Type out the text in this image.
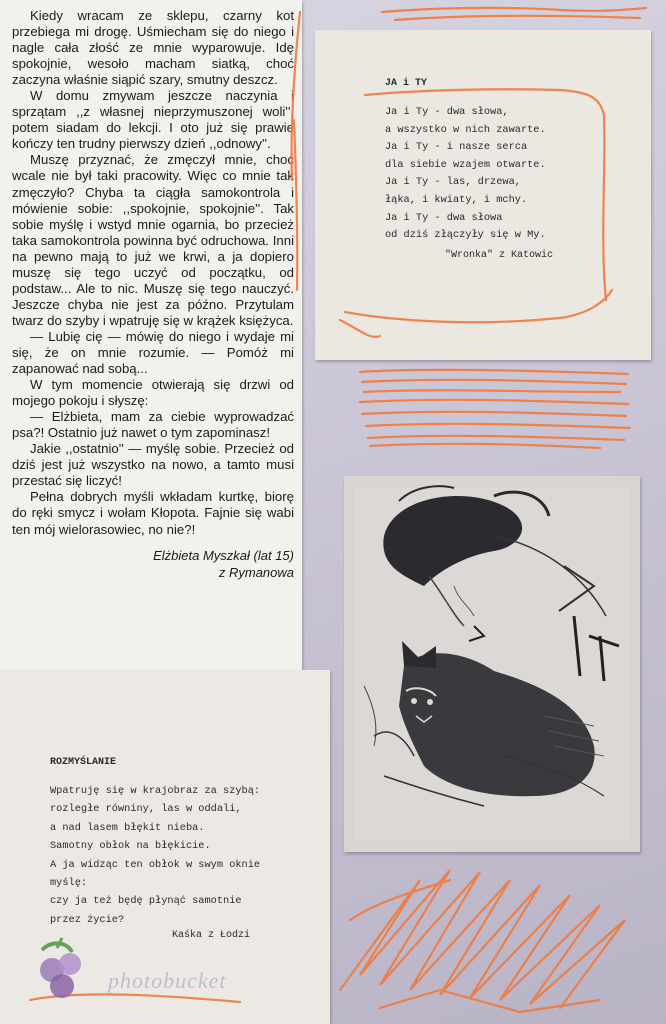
Kiedy wracam ze sklepu, czarny kot przebiega mi drogę. Uśmiecham się do niego i nagle cała złość ze mnie wyparowuje. Idę spokojnie, wesoło macham siatką, choć zaczyna właśnie siąpić szary, smutny deszcz.

W domu zmywam jeszcze naczynia i sprzątam ,,z własnej nieprzymuszonej woli'', potem siadam do lekcji. I oto już się prawie kończy ten trudny pierwszy dzień ,,odnowy''.

Muszę przyznać, że zmęczył mnie, choć wcale nie był taki pracowity. Więc co mnie tak zmęczyło? Chyba ta ciągła samokontrola i mówienie sobie: ,,spokojnie, spokojnie''. Tak sobie myślę i wstyd mnie ogarnia, bo przecież taka samokontrola powinna być odruchowa. Inni na pewno mają to już we krwi, a ja dopiero muszę się tego uczyć od początku, od podstaw... Ale to nic. Muszę się tego nauczyć. Jeszcze chyba nie jest za późno. Przytulam twarz do szyby i wpatruję się w krążek księżyca.

— Lubię cię — mówię do niego i wydaje mi się, że on mnie rozumie. — Pomóż mi zapanować nad sobą...

W tym momencie otwierają się drzwi od mojego pokoju i słyszę:

— Elżbieta, mam za ciebie wyprowadzać psa?! Ostatnio już nawet o tym zapominasz!

Jakie ,,ostatnio'' — myślę sobie. Przecież od dziś jest już wszystko na nowo, a tamto musi przestać się liczyć!

Pełna dobrych myśli wkładam kurtkę, biorę do ręki smycz i wołam Kłopota. Fajnie się wabi ten mój wielorasowiec, no nie?!

Elżbieta Myszkał (lat 15)
z Rymanowa
JA i TY
Ja i Ty - dwa słowa,
a wszystko w nich zawarte.
Ja i Ty - i nasze serca
dla siebie wzajem otwarte.
Ja i Ty - las, drzewa,
łąka, i kwiaty, i mchy.
Ja i Ty - dwa słowa
od dziś złączyły się w My.
"Wronka" z Katowic
ROZMYŚLANIE
Wpatruję się w krajobraz za szybą:
rozległe równiny, las w oddali,
a nad lasem błękit nieba.
Samotny obłok na błękicie.
A ja widząc ten obłok w swym oknie
myślę:
czy ja też będę płynąć samotnie
przez życie?
Kaśka z Łodzi
photobucket
